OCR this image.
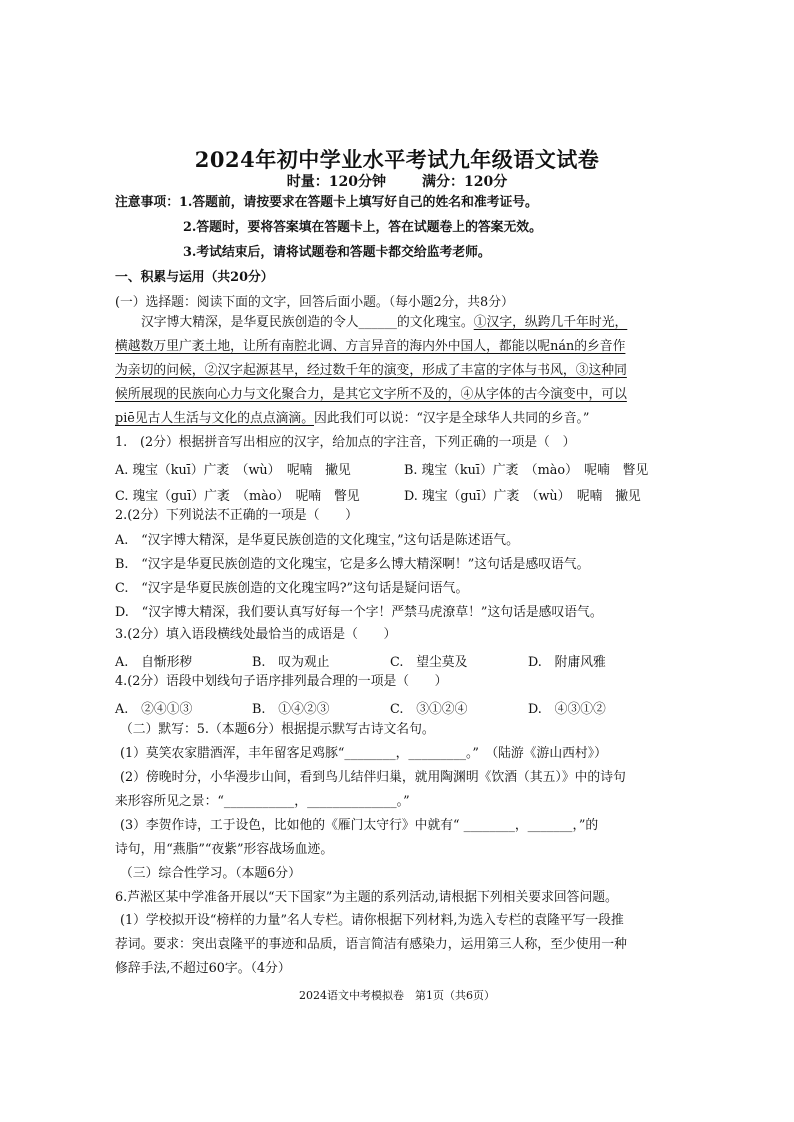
2024年初中学业水平考试九年级语文试卷
时量：120分钟	满分：120分
注意事项：1.答题前，请按要求在答题卡上填写好自己的姓名和准考证号。
2.答题时，要将答案填在答题卡上，答在试题卷上的答案无效。
3.考试结束后，请将试题卷和答题卡都交给监考老师。
一、积累与运用（共20分）
(一）选择题：阅读下面的文字，回答后面小题。（每小题2分，共8分）
汉字博大精深，是华夏民族创造的令人______的文化瑰宝。①汉字，纵跨几千年时光，
横越数万里广袤土地，让所有南腔北调、方言异音的海内外中国人，都能以呢nán的乡音作
为亲切的问候，②汉字起源甚早，经过数千年的演变，形成了丰富的字体与书风，③这种同
候所展现的民族向心力与文化聚合力，是其它文字所不及的，④从字体的古今演变中，可以
piē见古人生活与文化的点点滴滴。因此我们可以说：“汉字是全球华人共同的乡音。”
1.　(2分）根据拼音写出相应的汉字，给加点的字注音，下列正确的一项是（　）
A. 瑰宝（kuī）广袤　（wù）　呢喃　撇见	B. 瑰宝（kuī）广袤　（mào）　呢喃　瞥见
C. 瑰宝（guī）广袤　（mào）　呢喃　瞥见	D. 瑰宝（guī）广袤　（wù）　呢喃　撇见
2.(2分）下列说法不正确的一项是（　　）
A.　“汉字博大精深，是华夏民族创造的文化瑰宝，”这句话是陈述语气。
B.　“汉字是华夏民族创造的文化瑰宝，它是多么博大精深啊！”这句话是感叹语气。
C.　“汉字是华夏民族创造的文化瑰宝吗?”这句话是疑问语气。
D.　“汉字博大精深，我们要认真写好每一个字！严禁马虎潦草！”这句话是感叹语气。
3.(2分）填入语段横线处最恰当的成语是（　　）
A.　自惭形秽	B.　叹为观止	C.　望尘莫及	D.　附庸风雅
4.(2分）语段中划线句子语序排列最合理的一项是（　　）
A.　②④①③	B.　①④②③	C.　③①②④	D.　④③①②
（二）默写：5.（本题6分）根据提示默写古诗文名句。
(1）莫笑农家腊酒浑，丰年留客足鸡豚“________，_________。”　（陆游《游山西村》）
(2）傍晚时分，小华漫步山间，看到鸟儿结伴归巢，就用陶渊明《饮酒（其五）》中的诗句
来形容所见之景：“___________，______________。”
(3）李贺作诗，工于设色，比如他的《雁门太守行》中就有“ ________，_______，”的
诗句，用“燕脂”“夜紫”形容战场血迹。
（三）综合性学习。（本题6分）
6.芦淞区某中学准备开展以“天下国家”为主题的系列活动,请根据下列相关要求回答问题。
(1）学校拟开设“榜样的力量”名人专栏。请你根据下列材料,为选入专栏的袁隆平写一段推
荐词。要求：突出袁隆平的事迹和品质，语言简洁有感染力，运用第三人称，至少使用一种
修辞手法,不超过60字。（4分）
2024语文中考模拟卷　第1页（共6页）
